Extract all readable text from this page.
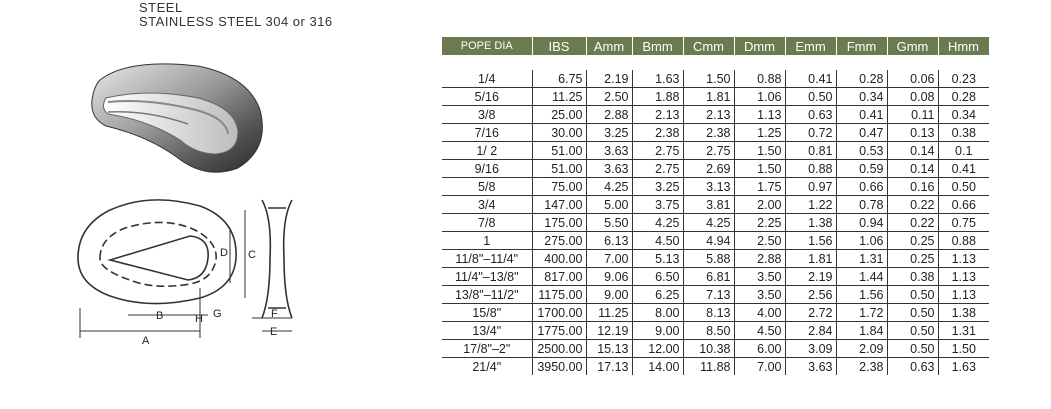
STEEL
STAINLESS STEEL 304 or 316
A
B
C
D
E
F
G
H
POPE DIA	IBS	Amm	Bmm	Cmm	Dmm	Emm	Fmm	Gmm	Hmm

1/4	6.75	2.19	1.63	1.50	0.88	0.41	0.28	0.06	0.23
5/16	11.25	2.50	1.88	1.81	1.06	0.50	0.34	0.08	0.28
3/8	25.00	2.88	2.13	2.13	1.13	0.63	0.41	0.11	0.34
7/16	30.00	3.25	2.38	2.38	1.25	0.72	0.47	0.13	0.38
1/ 2	51.00	3.63	2.75	2.75	1.50	0.81	0.53	0.14	0.1
9/16	51.00	3.63	2.75	2.69	1.50	0.88	0.59	0.14	0.41
5/8	75.00	4.25	3.25	3.13	1.75	0.97	0.66	0.16	0.50
3/4	147.00	5.00	3.75	3.81	2.00	1.22	0.78	0.22	0.66
7/8	175.00	5.50	4.25	4.25	2.25	1.38	0.94	0.22	0.75
1	275.00	6.13	4.50	4.94	2.50	1.56	1.06	0.25	0.88
11/8"–11/4"	400.00	7.00	5.13	5.88	2.88	1.81	1.31	0.25	1.13
11/4"–13/8"	817.00	9.06	6.50	6.81	3.50	2.19	1.44	0.38	1.13
13/8"–11/2"	1175.00	9.00	6.25	7.13	3.50	2.56	1.56	0.50	1.13
15/8"	1700.00	11.25	8.00	8.13	4.00	2.72	1.72	0.50	1.38
13/4"	1775.00	12.19	9.00	8.50	4.50	2.84	1.84	0.50	1.31
17/8"–2"	2500.00	15.13	12.00	10.38	6.00	3.09	2.09	0.50	1.50
21/4"	3950.00	17.13	14.00	11.88	7.00	3.63	2.38	0.63	1.63
